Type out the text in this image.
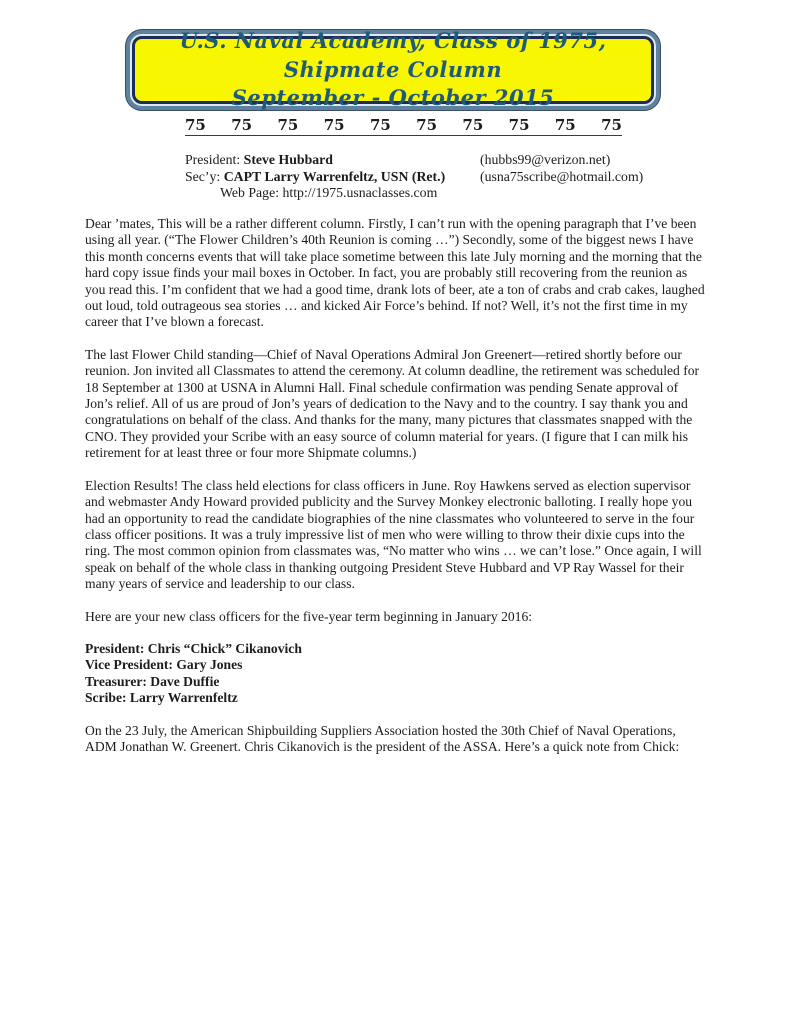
U.S. Naval Academy, Class of 1975, Shipmate Column
September - October 2015
75 75 75 75 75 75 75 75 75 75
President: Steve Hubbard	(hubbs99@verizon.net)
Sec’y: CAPT Larry Warrenfeltz, USN (Ret.)	(usna75scribe@hotmail.com)
Web Page: http://1975.usnaclasses.com

Dear ’mates, This will be a rather different column. Firstly, I can’t run with the opening paragraph that I’ve been using all year. (“The Flower Children’s 40th Reunion is coming …”) Secondly, some of the biggest news I have this month concerns events that will take place sometime between this late July morning and the morning that the hard copy issue finds your mail boxes in October. In fact, you are probably still recovering from the reunion as you read this. I’m confident that we had a good time, drank lots of beer, ate a ton of crabs and crab cakes, laughed out loud, told outrageous sea stories … and kicked Air Force’s behind. If not? Well, it’s not the first time in my career that I’ve blown a forecast.

The last Flower Child standing—Chief of Naval Operations Admiral Jon Greenert—retired shortly before our reunion. Jon invited all Classmates to attend the ceremony. At column deadline, the retirement was scheduled for 18 September at 1300 at USNA in Alumni Hall. Final schedule confirmation was pending Senate approval of Jon’s relief. All of us are proud of Jon’s years of dedication to the Navy and to the country. I say thank you and congratulations on behalf of the class. And thanks for the many, many pictures that classmates snapped with the CNO. They provided your Scribe with an easy source of column material for years. (I figure that I can milk his retirement for at least three or four more Shipmate columns.)

Election Results! The class held elections for class officers in June. Roy Hawkens served as election supervisor and webmaster Andy Howard provided publicity and the Survey Monkey electronic balloting. I really hope you had an opportunity to read the candidate biographies of the nine classmates who volunteered to serve in the four class officer positions. It was a truly impressive list of men who were willing to throw their dixie cups into the ring. The most common opinion from classmates was, “No matter who wins … we can’t lose.” Once again, I will speak on behalf of the whole class in thanking outgoing President Steve Hubbard and VP Ray Wassel for their many years of service and leadership to our class.

Here are your new class officers for the five-year term beginning in January 2016:

President: Chris “Chick” Cikanovich
Vice President: Gary Jones
Treasurer: Dave Duffie
Scribe: Larry Warrenfeltz

On the 23 July, the American Shipbuilding Suppliers Association hosted the 30th Chief of Naval Operations, ADM Jonathan W. Greenert. Chris Cikanovich is the president of the ASSA. Here’s a quick note from Chick:
